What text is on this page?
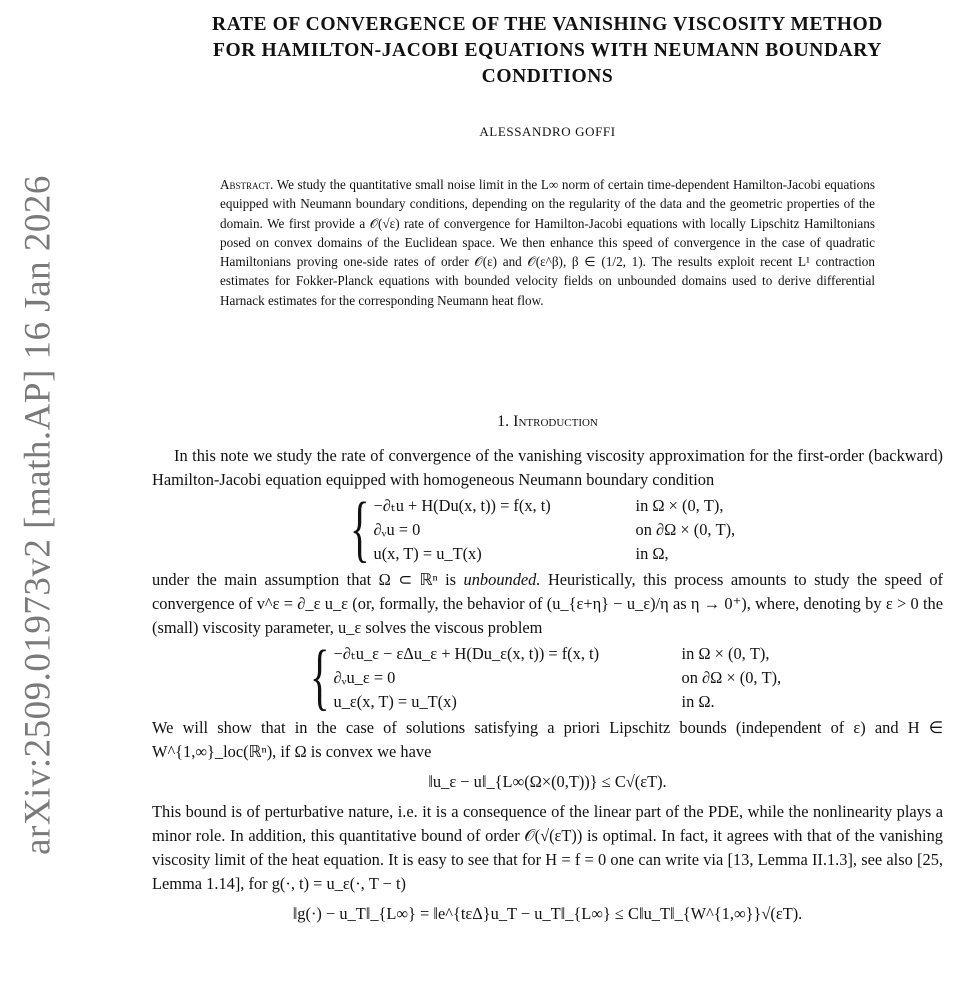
arXiv:2509.01973v2 [math.AP] 16 Jan 2026
RATE OF CONVERGENCE OF THE VANISHING VISCOSITY METHOD
FOR HAMILTON-JACOBI EQUATIONS WITH NEUMANN BOUNDARY
CONDITIONS
ALESSANDRO GOFFI
Abstract. We study the quantitative small noise limit in the L∞ norm of certain time-dependent Hamilton-Jacobi equations equipped with Neumann boundary conditions, depending on the regularity of the data and the geometric properties of the domain. We first provide a 𝒪(√ε) rate of convergence for Hamilton-Jacobi equations with locally Lipschitz Hamiltonians posed on convex domains of the Euclidean space. We then enhance this speed of convergence in the case of quadratic Hamiltonians proving one-side rates of order 𝒪(ε) and 𝒪(ε^β), β ∈ (1/2, 1). The results exploit recent L¹ contraction estimates for Fokker-Planck equations with bounded velocity fields on unbounded domains used to derive differential Harnack estimates for the corresponding Neumann heat flow.
1. Introduction

In this note we study the rate of convergence of the vanishing viscosity approximation for the first-order (backward) Hamilton-Jacobi equation equipped with homogeneous Neumann boundary condition

{ −∂ₜu + H(Du(x, t)) = f(x, t)	in Ω × (0, T),
∂ᵥu = 0	on ∂Ω × (0, T),
u(x, T) = u_T(x)	in Ω,

under the main assumption that Ω ⊂ ℝⁿ is unbounded. Heuristically, this process amounts to study the speed of convergence of v^ε = ∂_ε u_ε (or, formally, the behavior of (u_{ε+η} − u_ε)/η as η → 0⁺), where, denoting by ε > 0 the (small) viscosity parameter, u_ε solves the viscous problem

{ −∂ₜu_ε − εΔu_ε + H(Du_ε(x, t)) = f(x, t)	in Ω × (0, T),
∂ᵥu_ε = 0	on ∂Ω × (0, T),
u_ε(x, T) = u_T(x)	in Ω.

We will show that in the case of solutions satisfying a priori Lipschitz bounds (independent of ε) and H ∈ W^{1,∞}_loc(ℝⁿ), if Ω is convex we have

‖u_ε − u‖_{L∞(Ω×(0,T))} ≤ C√(εT).

This bound is of perturbative nature, i.e. it is a consequence of the linear part of the PDE, while the nonlinearity plays a minor role. In addition, this quantitative bound of order 𝒪(√(εT)) is optimal. In fact, it agrees with that of the vanishing viscosity limit of the heat equation. It is easy to see that for H = f = 0 one can write via [13, Lemma II.1.3], see also [25, Lemma 1.14], for g(·, t) = u_ε(·, T − t)

‖g(·) − u_T‖_{L∞} = ‖e^{tεΔ}u_T − u_T‖_{L∞} ≤ C‖u_T‖_{W^{1,∞}}√(εT).
